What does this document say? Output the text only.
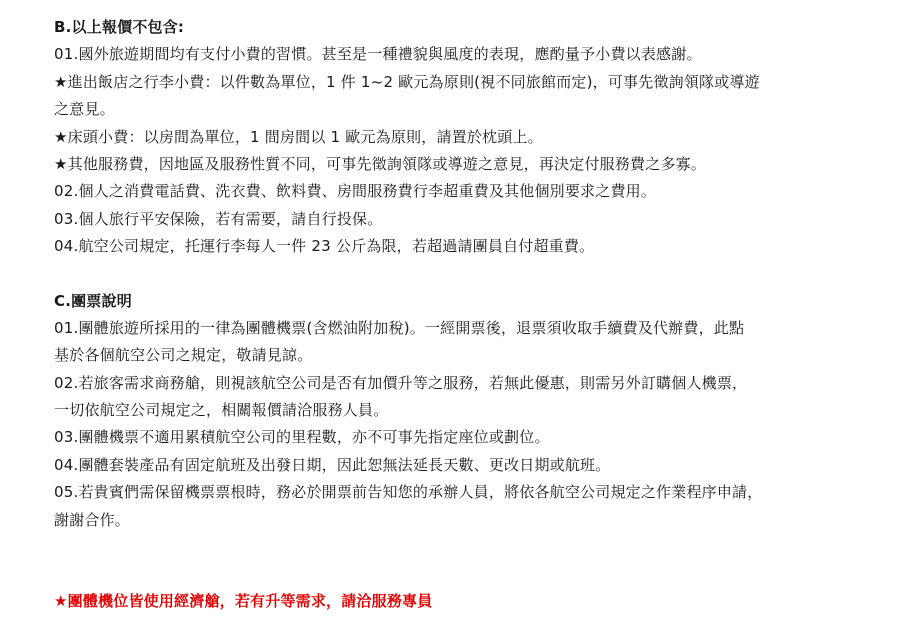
B.以上報價不包含:
01.國外旅遊期間均有支付小費的習慣。甚至是一種禮貌與風度的表現，應酌量予小費以表感謝。
★進出飯店之行李小費：以件數為單位，1 件 1~2 歐元為原則(視不同旅館而定)，可事先徵詢領隊或導遊
之意見。
★床頭小費：以房間為單位，1 間房間以 1 歐元為原則，請置於枕頭上。
★其他服務費，因地區及服務性質不同，可事先徵詢領隊或導遊之意見，再決定付服務費之多寡。
02.個人之消費電話費、洗衣費、飲料費、房間服務費行李超重費及其他個別要求之費用。
03.個人旅行平安保險，若有需要，請自行投保。
04.航空公司規定，托運行李每人一件 23 公斤為限，若超過請團員自付超重費。
C.團票說明
01.團體旅遊所採用的一律為團體機票(含燃油附加稅)。一經開票後，退票須收取手續費及代辦費，此點
基於各個航空公司之規定，敬請見諒。
02.若旅客需求商務艙，則視該航空公司是否有加價升等之服務，若無此優惠，則需另外訂購個人機票，
一切依航空公司規定之，相關報價請洽服務人員。
03.團體機票不適用累積航空公司的里程數，亦不可事先指定座位或劃位。
04.團體套裝產品有固定航班及出發日期，因此恕無法延長天數、更改日期或航班。
05.若貴賓們需保留機票票根時，務必於開票前告知您的承辦人員，將依各航空公司規定之作業程序申請，
謝謝合作。
★團體機位皆使用經濟艙，若有升等需求，請洽服務專員
